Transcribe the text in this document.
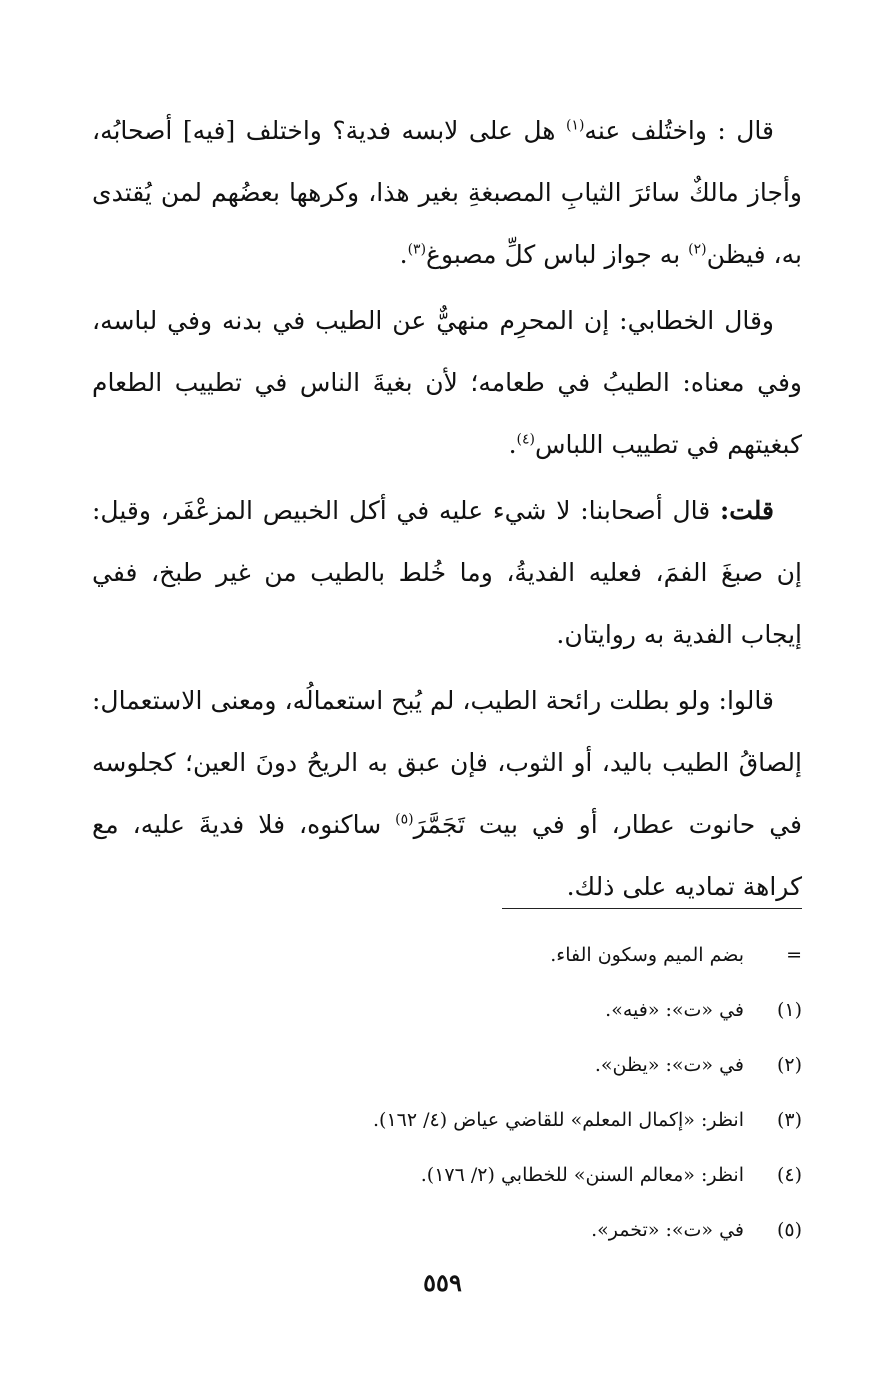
قال : واختُلف عنه$^{(١)}$ هل على لابسه فدية؟ واختلف [فيه] أصحابُه، وأجاز مالكٌ سائرَ الثيابِ المصبغةِ بغير هذا، وكرهها بعضُهم لمن يُقتدى به، فيظن$^{(٢)}$ به جواز لباس كلِّ مصبوغ$^{(٣)}$.

وقال الخطابي: إن المحرِم منهيٌّ عن الطيب في بدنه وفي لباسه، وفي معناه: الطيبُ في طعامه؛ لأن بغيةَ الناس في تطييب الطعام كبغيتهم في تطييب اللباس$^{(٤)}$.

قلت: قال أصحابنا: لا شيء عليه في أكل الخبيص المزعْفَر، وقيل: إن صبغَ الفمَ، فعليه الفديةُ، وما خُلط بالطيب من غير طبخ، ففي إيجاب الفدية به روايتان.

قالوا: ولو بطلت رائحة الطيب، لم يُبح استعمالُه، ومعنى الاستعمال: إلصاقُ الطيب باليد، أو الثوب، فإن عبق به الريحُ دونَ العين؛ كجلوسه في حانوت عطار، أو في بيت تَجَمَّرَ$^{(٥)}$ ساكنوه، فلا فديةَ عليه، مع كراهة تماديه على ذلك.

=
بضم الميم وسكون الفاء.
(١)
في «ت»: «فيه».
(٢)
في «ت»: «يظن».
(٣)
انظر: «إكمال المعلم» للقاضي عياض (٤/ ١٦٢).
(٤)
انظر: «معالم السنن» للخطابي (٢/ ١٧٦).
(٥)
في «ت»: «تخمر».
٥٥٩
